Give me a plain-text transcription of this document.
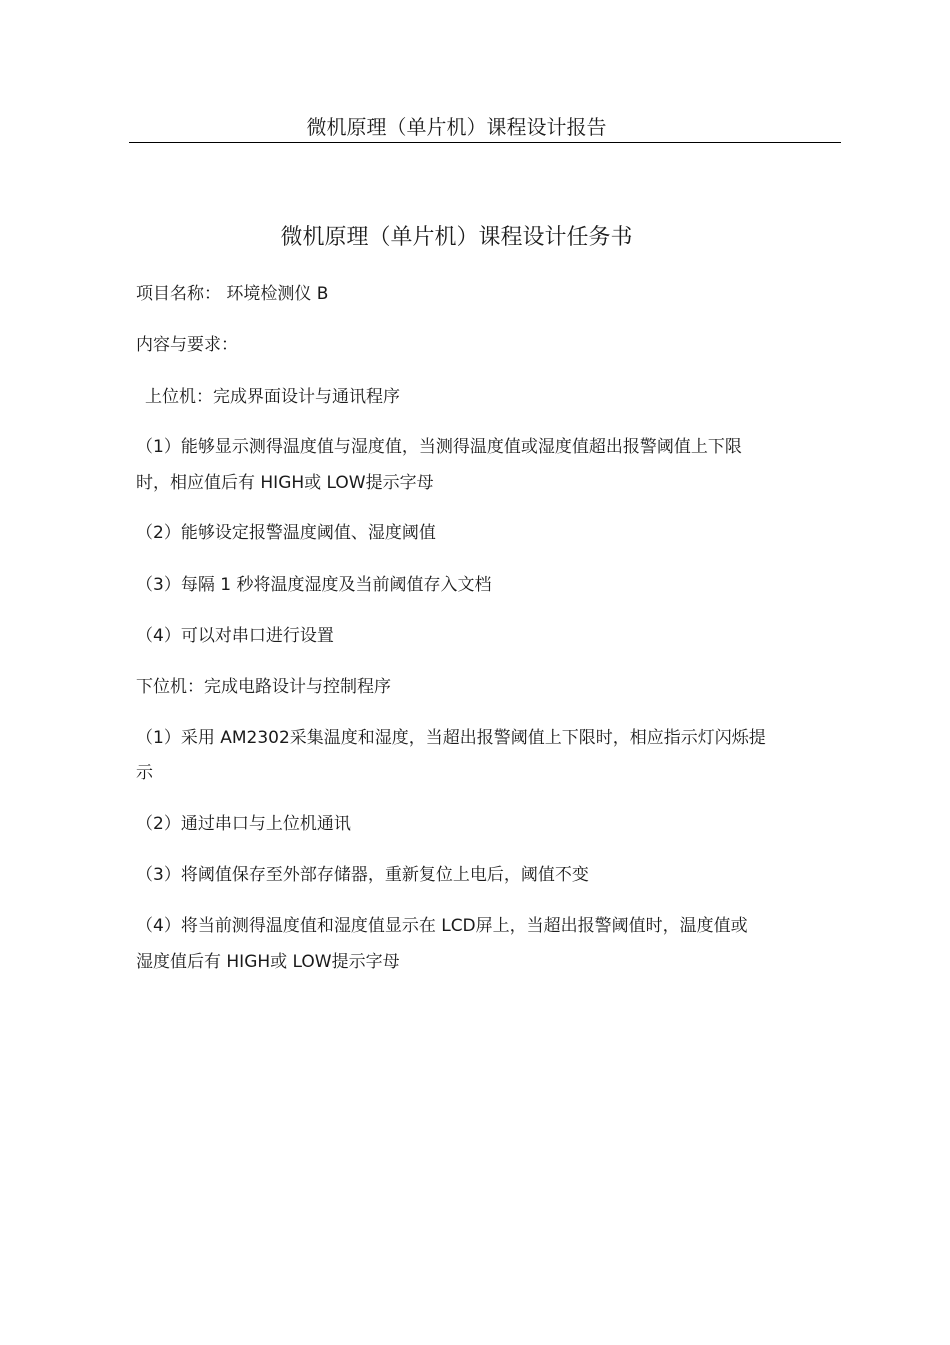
微机原理（单片机）课程设计报告
微机原理（单片机）课程设计任务书
项目名称： 环境检测仪 B
内容与要求：
上位机：完成界面设计与通讯程序
（1）能够显示测得温度值与湿度值，当测得温度值或湿度值超出报警阈值上下限
时，相应值后有 HIGH或 LOW提示字母
（2）能够设定报警温度阈值、湿度阈值
（3）每隔 1 秒将温度湿度及当前阈值存入文档
（4）可以对串口进行设置
下位机：完成电路设计与控制程序
（1）采用 AM2302采集温度和湿度，当超出报警阈值上下限时，相应指示灯闪烁提
示
（2）通过串口与上位机通讯
（3）将阈值保存至外部存储器，重新复位上电后，阈值不变
（4）将当前测得温度值和湿度值显示在 LCD屏上，当超出报警阈值时，温度值或
湿度值后有 HIGH或 LOW提示字母
